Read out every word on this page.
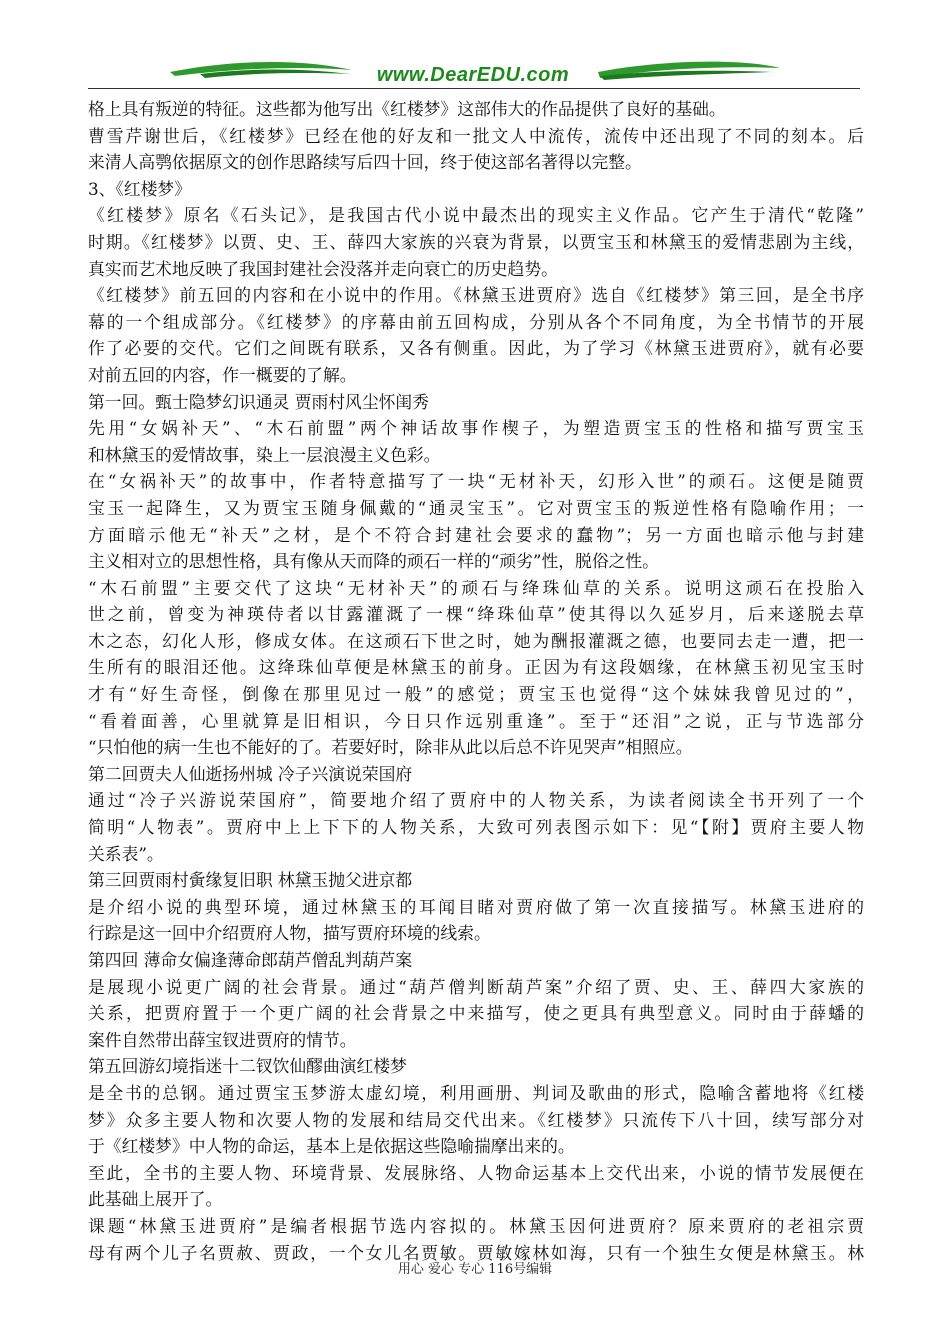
www.DearEDU.com
格上具有叛逆的特征。这些都为他写出《红楼梦》这部伟大的作品提供了良好的基础。
曹雪芹谢世后，《红楼梦》已经在他的好友和一批文人中流传，流传中还出现了不同的刻本。后
来清人高鹗依据原文的创作思路续写后四十回，终于使这部名著得以完整。
3、《红楼梦》
《红楼梦》原名《石头记》，是我国古代小说中最杰出的现实主义作品。它产生于清代“乾隆”
时期。《红楼梦》以贾、史、王、薛四大家族的兴衰为背景，以贾宝玉和林黛玉的爱情悲剧为主线，
真实而艺术地反映了我国封建社会没落并走向衰亡的历史趋势。
《红楼梦》前五回的内容和在小说中的作用。《林黛玉进贾府》选自《红楼梦》第三回，是全书序
幕的一个组成部分。《红楼梦》的序幕由前五回构成，分别从各个不同角度，为全书情节的开展
作了必要的交代。它们之间既有联系，又各有侧重。因此，为了学习《林黛玉进贾府》，就有必要
对前五回的内容，作一概要的了解。
第一回。甄士隐梦幻识通灵 贾雨村风尘怀闺秀
先用“女娲补天”、“木石前盟”两个神话故事作楔子，为塑造贾宝玉的性格和描写贾宝玉
和林黛玉的爱情故事，染上一层浪漫主义色彩。
在“女祸补天”的故事中，作者特意描写了一块“无材补天，幻形入世”的顽石。这便是随贾
宝玉一起降生，又为贾宝玉随身佩戴的“通灵宝玉”。它对贾宝玉的叛逆性格有隐喻作用；一
方面暗示他无“补天”之材，是个不符合封建社会要求的蠢物”；另一方面也暗示他与封建
主义相对立的思想性格，具有像从天而降的顽石一样的“顽劣”性，脱俗之性。
“木石前盟”主要交代了这块“无材补天”的顽石与绛珠仙草的关系。说明这顽石在投胎入
世之前，曾变为神瑛侍者以甘露灌溉了一棵“绛珠仙草”使其得以久延岁月，后来遂脱去草
木之态，幻化人形，修成女体。在这顽石下世之时，她为酬报灌溉之德，也要同去走一遭，把一
生所有的眼泪还他。这绛珠仙草便是林黛玉的前身。正因为有这段姻缘，在林黛玉初见宝玉时
才有“好生奇怪，倒像在那里见过一般”的感觉；贾宝玉也觉得“这个妹妹我曾见过的”，
“看着面善，心里就算是旧相识，今日只作远别重逢”。至于“还泪”之说，正与节选部分
“只怕他的病一生也不能好的了。若要好时，除非从此以后总不许见哭声”相照应。
第二回贾夫人仙逝扬州城 冷子兴演说荣国府
通过“冷子兴游说荣国府”，简要地介绍了贾府中的人物关系，为读者阅读全书开列了一个
简明“人物表”。贾府中上上下下的人物关系，大致可列表图示如下：见“【附】贾府主要人物
关系表”。
第三回贾雨村夤缘复旧职 林黛玉抛父进京都
是介绍小说的典型环境，通过林黛玉的耳闻目睹对贾府做了第一次直接描写。林黛玉进府的
行踪是这一回中介绍贾府人物，描写贾府环境的线索。
第四回 薄命女偏逢薄命郎葫芦僧乱判葫芦案
是展现小说更广阔的社会背景。通过“葫芦僧判断葫芦案”介绍了贾、史、王、薛四大家族的
关系，把贾府置于一个更广阔的社会背景之中来描写，使之更具有典型意义。同时由于薛蟠的
案件自然带出薛宝钗进贾府的情节。
第五回游幻境指迷十二钗饮仙醪曲演红楼梦
是全书的总钢。通过贾宝玉梦游太虚幻境，利用画册、判词及歌曲的形式，隐喻含蓄地将《红楼
梦》众多主要人物和次要人物的发展和结局交代出来。《红楼梦》只流传下八十回，续写部分对
于《红楼梦》中人物的命运，基本上是依据这些隐喻揣摩出来的。
至此，全书的主要人物、环境背景、发展脉络、人物命运基本上交代出来，小说的情节发展便在
此基础上展开了。
课题“林黛玉进贾府”是编者根据节选内容拟的。林黛玉因何进贾府？原来贾府的老祖宗贾
母有两个儿子名贾赦、贾政，一个女儿名贾敏。贾敏嫁林如海，只有一个独生女便是林黛玉。林
用心 爱心 专心 116号编辑
